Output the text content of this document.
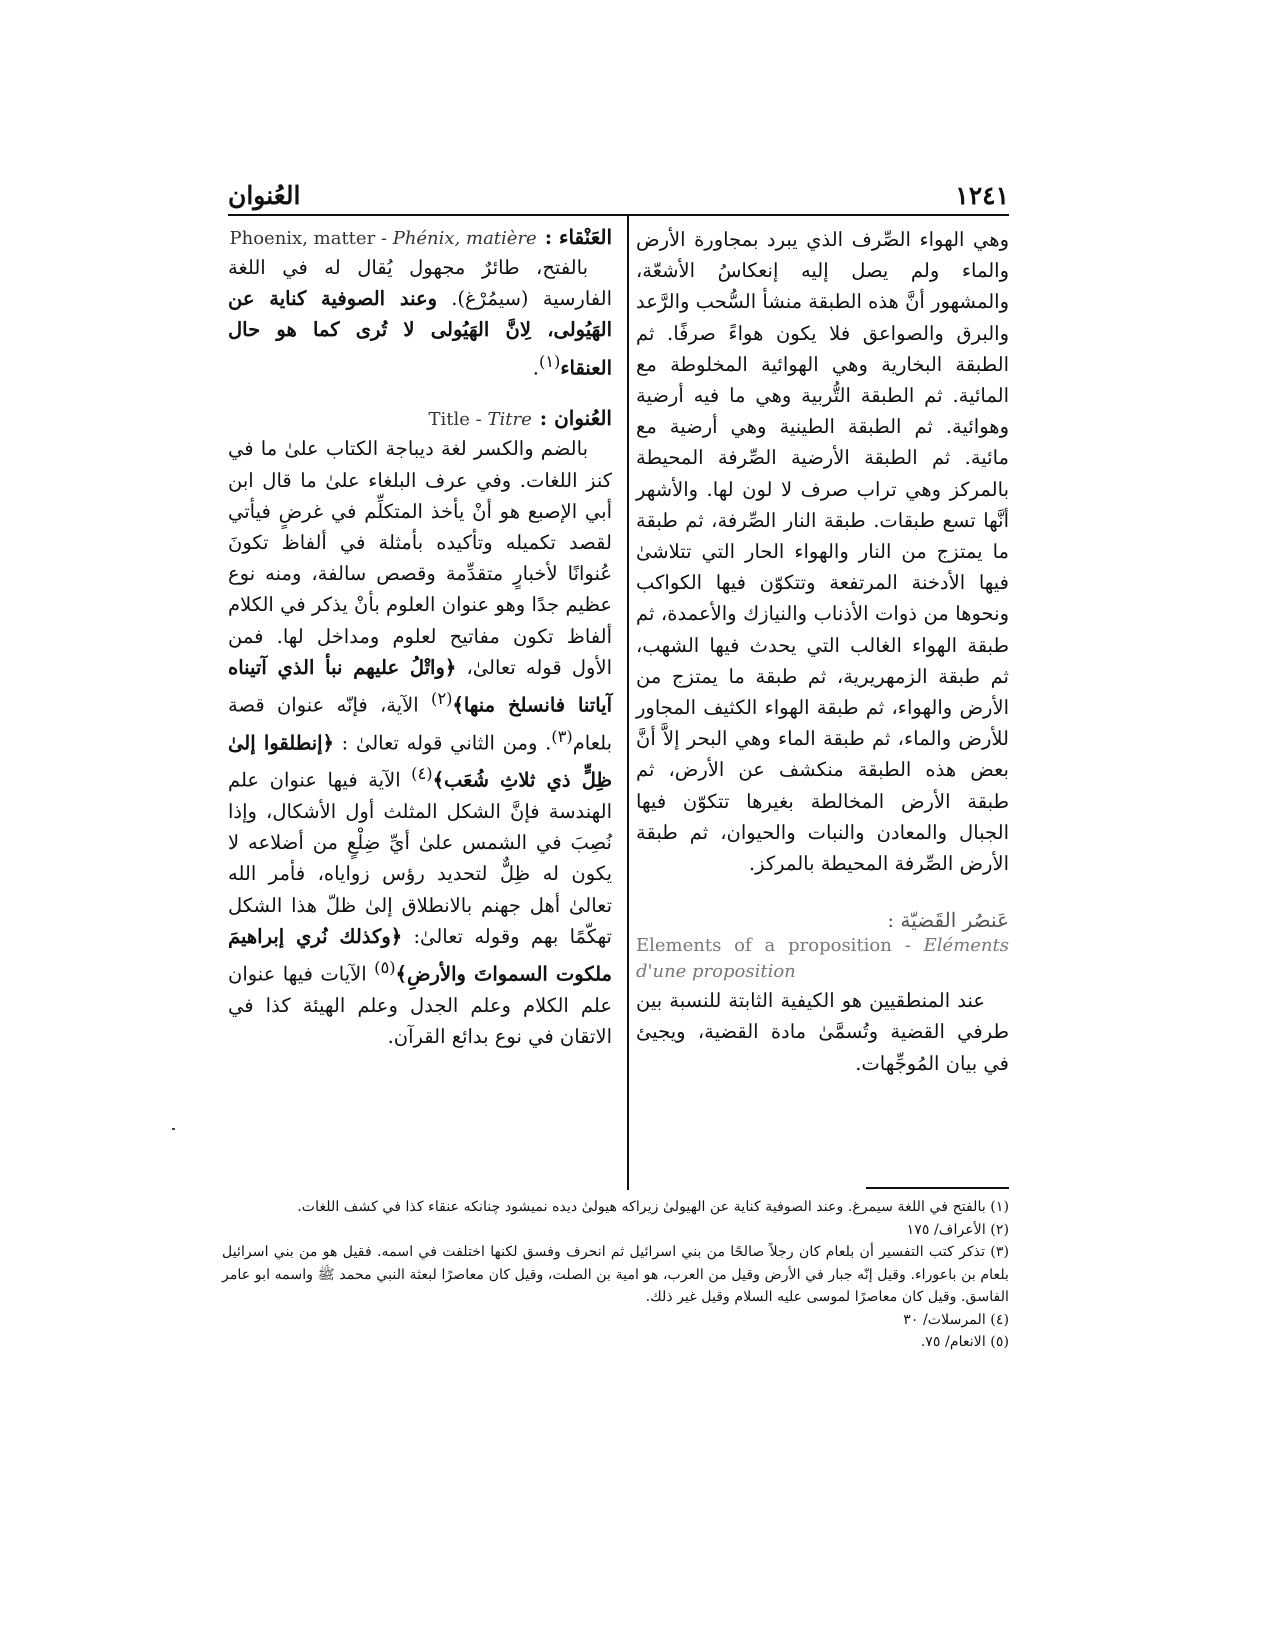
١٢٤١
العُنوان

وهي الهواء الصِّرف الذي يبرد بمجاورة الأرض والماء ولم يصل إليه إنعكاسُ الأشعّة، والمشهور أنَّ هذه الطبقة منشأ السُّحب والرَّعد والبرق والصواعق فلا يكون هواءً صرفًا. ثم الطبقة البخارية وهي الهوائية المخلوطة مع المائية. ثم الطبقة التُّربية وهي ما فيه أرضية وهوائية. ثم الطبقة الطينية وهي أرضية مع مائية. ثم الطبقة الأرضية الصِّرفة المحيطة بالمركز وهي تراب صرف لا لون لها. والأشهر أنَّها تسع طبقات. طبقة النار الصِّرفة، ثم طبقة ما يمتزج من النار والهواء الحار التي تتلاشىٰ فيها الأدخنة المرتفعة وتتكوّن فيها الكواكب ونحوها من ذوات الأذناب والنيازك والأعمدة، ثم طبقة الهواء الغالب التي يحدث فيها الشهب، ثم طبقة الزمهريرية، ثم طبقة ما يمتزج من الأرض والهواء، ثم طبقة الهواء الكثيف المجاور للأرض والماء، ثم طبقة الماء وهي البحر إلاَّ أنَّ بعض هذه الطبقة منكشف عن الأرض، ثم طبقة الأرض المخالطة بغيرها تتكوّن فيها الجبال والمعادن والنبات والحيوان، ثم طبقة الأرض الصِّرفة المحيطة بالمركز.

عَنصُر القَضيّة :
Elements of a proposition - Eléments d'une proposition

عند المنطقيين هو الكيفية الثابتة للنسبة بين طرفي القضية وتُسمَّىٰ مادة القضية، ويجيئ في بيان المُوجِّهات.

العَنْقاء :
Phoenix, matter - Phénix, matière

بالفتح، طائرٌ مجهول يُقال له في اللغة الفارسية (سيمُرْغ). وعند الصوفية كناية عن الهَيُولى، لِانَّ الهَيُولى لا تُرى كما هو حال العنقاء$^{(١)}$.

العُنوان :
Title - Titre

بالضم والكسر لغة ديباجة الكتاب علىٰ ما في كنز اللغات. وفي عرف البلغاء علىٰ ما قال ابن أبي الإصبع هو أنْ يأخذ المتكلِّم في غرضٍ فيأتي لقصد تكميله وتأكيده بأمثلة في ألفاظ تكونَ عُنوانًا لأخبارٍ متقدِّمة وقصص سالفة، ومنه نوع عظيم جدًا وهو عنوان العلوم بأنْ يذكر في الكلام ألفاظ تكون مفاتيح لعلوم ومداخل لها. فمن الأول قوله تعالىٰ، ﴿واتْلُ عليهم نبأ الذي آتيناه آياتنا فانسلخ منها﴾$^{(٢)}$ الآية، فإنّه عنوان قصة بلعام$^{(٣)}$. ومن الثاني قوله تعالىٰ : ﴿إنطلقوا إلىٰ ظِلٍّ ذي ثلاثِ شُعَب﴾$^{(٤)}$ الآية فيها عنوان علم الهندسة فإنَّ الشكل المثلث أول الأشكال، وإذا نُصِبَ في الشمس علىٰ أيِّ ضِلْعٍ من أضلاعه لا يكون له ظِلٌّ لتحديد رؤس زواياه، فأمر الله تعالىٰ أهل جهنم بالانطلاق إلىٰ ظلّ هذا الشكل تهكّمًا بهم وقوله تعالىٰ: ﴿وكذلك نُري إبراهيمَ ملكوت السمواتَ والأرضِ﴾$^{(٥)}$ الآيات فيها عنوان علم الكلام وعلم الجدل وعلم الهيئة كذا في الاتقان في نوع بدائع القرآن.

(١) بالفتح في اللغة سيمرغ. وعند الصوفية كناية عن الهيولىٰ زيراكه هيولىٰ ديده نميشود چنانكه عنقاء كذا في كشف اللغات.

(٢) الأعراف/ ١٧٥

(٣) تذكر كتب التفسير أن بلعام كان رجلاً صالحًا من بني اسرائيل ثم انحرف وفسق لكنها اختلفت في اسمه. فقيل هو من بني اسرائيل بلعام بن باعوراء. وقيل إنّه جبار في الأرض وقيل من العرب، هو امية بن الصلت، وقيل كان معاصرًا لبعثة النبي محمد ﷺ واسمه ابو عامر الفاسق. وقيل كان معاصرًا لموسى عليه السلام وقيل غير ذلك.

(٤) المرسلات/ ٣٠

(٥) الانعام/ ٧٥.
